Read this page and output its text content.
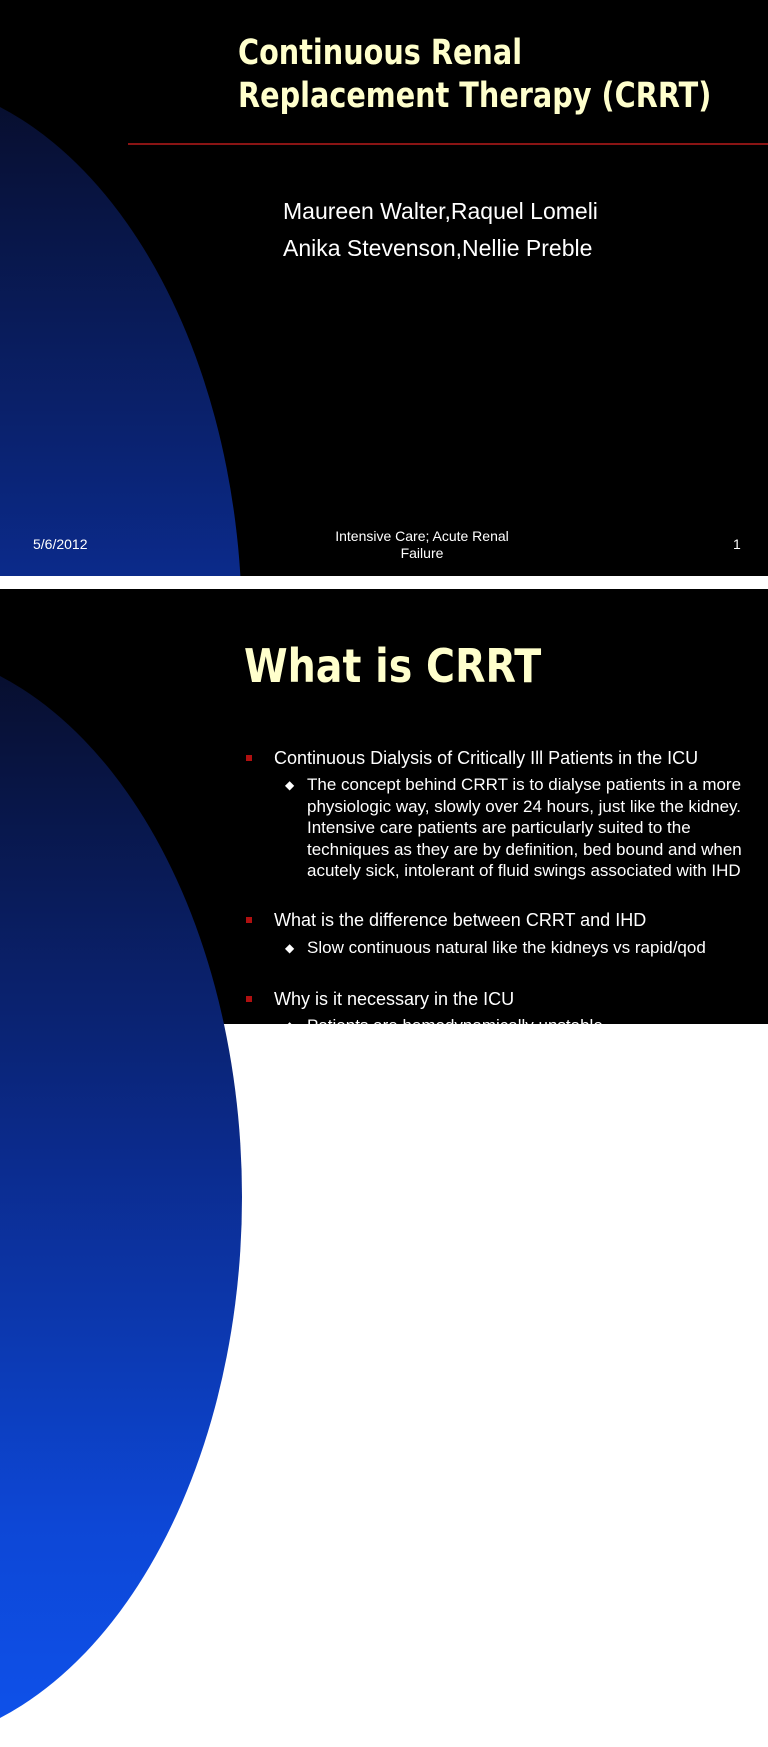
Continuous Renal
Replacement Therapy (CRRT)
Maureen Walter,Raquel Lomeli
Anika Stevenson,Nellie Preble
5/6/2012	Intensive Care; Acute Renal
Failure
1
What is CRRT
Continuous Dialysis of Critically Ill Patients in the ICU
◆ The concept behind CRRT is to dialyse patients in a more physiologic way, slowly over 24 hours, just like the kidney. Intensive care patients are particularly suited to the techniques as they are by definition, bed bound and when acutely sick, intolerant of fluid swings associated with IHD
What is the difference between CRRT and IHD
◆ Slow continuous natural like the kidneys vs rapid/qod
Why is it necessary in the ICU
◆ Patients are hemodynamically unstable
